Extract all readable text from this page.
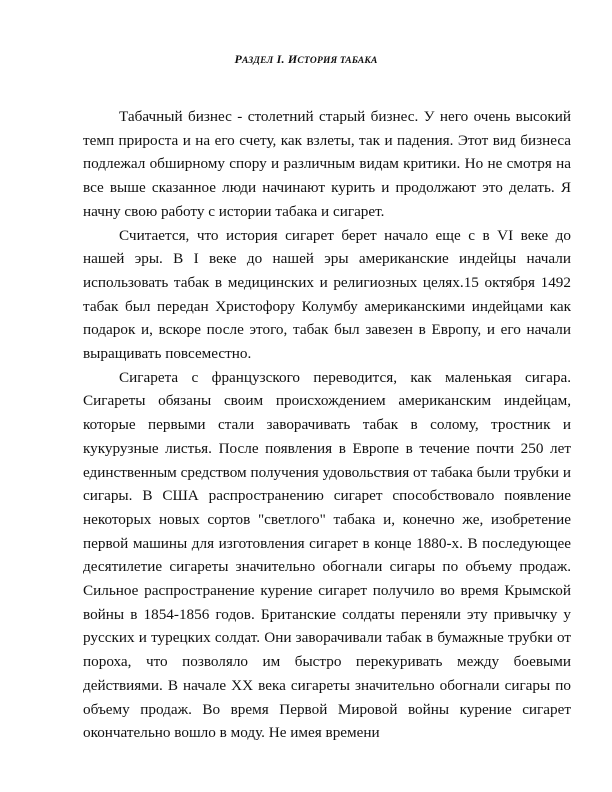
РАЗДЕЛ I. ИСТОРИЯ ТАБАКА

Табачный бизнес - столетний старый бизнес. У него очень высокий темп прироста и на его счету, как взлеты, так и падения. Этот вид бизнеса подлежал обширному спору и различным видам критики. Но не смотря на все выше сказанное люди начинают курить и продолжают это делать. Я начну свою работу с истории табака и сигарет.

Считается, что история сигарет берет начало еще с в VI веке до нашей эры. В I веке до нашей эры американские индейцы начали использовать табак в медицинских и религиозных целях.15 октября 1492 табак был передан Христофору Колумбу американскими индейцами как подарок и, вскоре после этого, табак был завезен в Европу, и его начали выращивать повсеместно.

Сигарета с французского переводится, как маленькая сигара. Сигареты обязаны своим происхождением американским индейцам, которые первыми стали заворачивать табак в солому, тростник и кукурузные листья. После появления в Европе в течение почти 250 лет единственным средством получения удовольствия от табака были трубки и сигары. В США распространению сигарет способствовало появление некоторых новых сортов "светлого" табака и, конечно же, изобретение первой машины для изготовления сигарет в конце 1880-х. В последующее десятилетие сигареты значительно обогнали сигары по объему продаж. Сильное распространение курение сигарет получило во время Крымской войны в 1854-1856 годов. Британские солдаты переняли эту привычку у русских и турецких солдат. Они заворачивали табак в бумажные трубки от пороха, что позволяло им быстро перекуривать между боевыми действиями. В начале XX века сигареты значительно обогнали сигары по объему продаж. Во время Первой Мировой войны курение сигарет окончательно вошло в моду. Не имея времени
